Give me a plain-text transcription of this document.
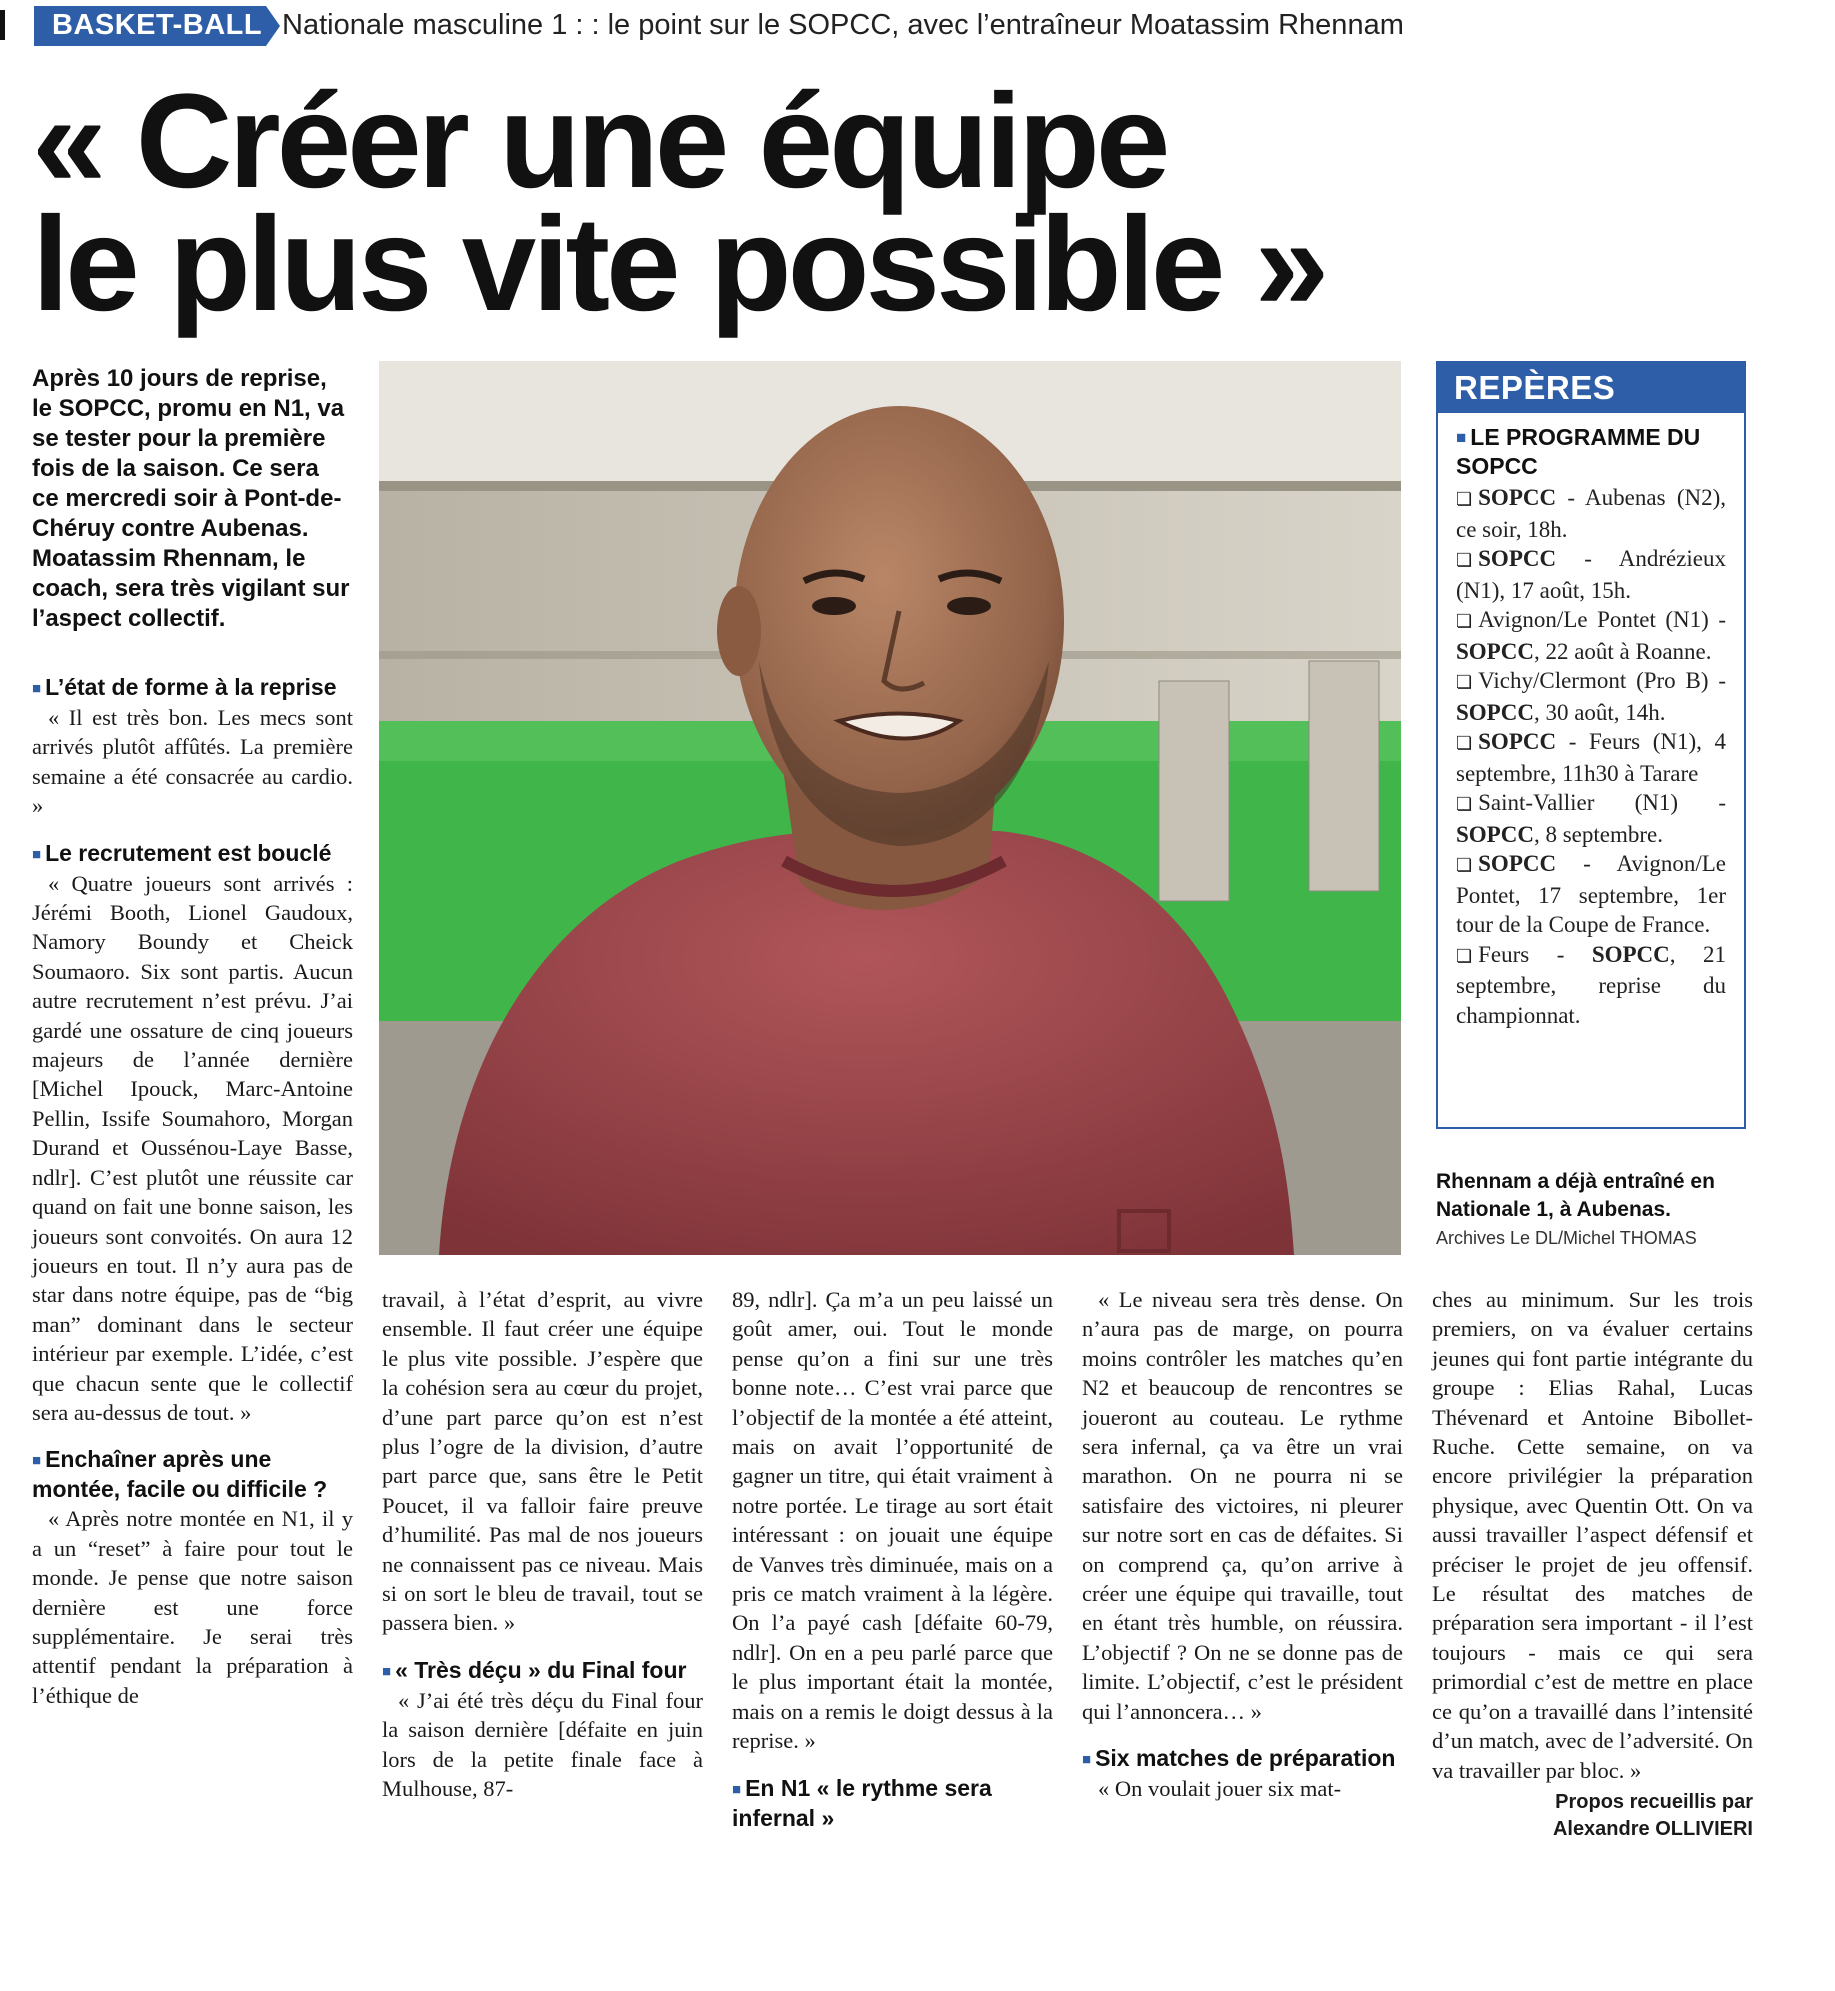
BASKET-BALL Nationale masculine 1 : : le point sur le SOPCC, avec l’entraîneur Moatassim Rhennam
« Créer une équipe
le plus vite possible »
Après 10 jours de reprise, le SOPCC, promu en N1, va se tester pour la première fois de la saison. Ce sera ce mercredi soir à Pont-de-Chéruy contre Aubenas. Moatassim Rhennam, le coach, sera très vigilant sur l’aspect collectif.
REPÈRES
■ LE PROGRAMME DU SOPCC
❏ SOPCC - Aubenas (N2), ce soir, 18h.
❏ SOPCC - Andrézieux (N1), 17 août, 15h.
❏ Avignon/Le Pontet (N1) - SOPCC, 22 août à Roanne.
❏ Vichy/Clermont (Pro B) - SOPCC, 30 août, 14h.
❏ SOPCC - Feurs (N1), 4 septembre, 11h30 à Tarare
❏ Saint-Vallier (N1) - SOPCC, 8 septembre.
❏ SOPCC - Avignon/Le Pontet, 17 septembre, 1er tour de la Coupe de France.
❏ Feurs - SOPCC, 21 septembre, reprise du championnat.
Rhennam a déjà entraîné en Nationale 1, à Aubenas.
Archives Le DL/Michel THOMAS
■ L’état de forme à la reprise

« Il est très bon. Les mecs sont arrivés plutôt affûtés. La première semaine a été consacrée au cardio. »

■ Le recrutement est bouclé

« Quatre joueurs sont arrivés : Jérémi Booth, Lionel Gaudoux, Namory Boundy et Cheick Soumaoro. Six sont partis. Aucun autre recrutement n’est prévu. J’ai gardé une ossature de cinq joueurs majeurs de l’année dernière [Michel Ipouck, Marc-Antoine Pellin, Issife Soumahoro, Morgan Durand et Oussénou-Laye Basse, ndlr]. C’est plutôt une réussite car quand on fait une bonne saison, les joueurs sont convoités. On aura 12 joueurs en tout. Il n’y aura pas de star dans notre équipe, pas de “big man” dominant dans le secteur intérieur par exemple. L’idée, c’est que chacun sente que le collectif sera au-dessus de tout. »

■ Enchaîner après une montée, facile ou difficile ?

« Après notre montée en N1, il y a un “reset” à faire pour tout le monde. Je pense que notre saison dernière est une force supplémentaire. Je serai très attentif pendant la préparation à l’éthique de

travail, à l’état d’esprit, au vivre ensemble. Il faut créer une équipe le plus vite possible. J’espère que la cohésion sera au cœur du projet, d’une part parce qu’on est n’est plus l’ogre de la division, d’autre part parce que, sans être le Petit Poucet, il va falloir faire preuve d’humilité. Pas mal de nos joueurs ne connaissent pas ce niveau. Mais si on sort le bleu de travail, tout se passera bien. »

■ « Très déçu » du Final four

« J’ai été très déçu du Final four la saison dernière [défaite en juin lors de la petite finale face à Mulhouse, 87-

89, ndlr]. Ça m’a un peu laissé un goût amer, oui. Tout le monde pense qu’on a fini sur une très bonne note… C’est vrai parce que l’objectif de la montée a été atteint, mais on avait l’opportunité de gagner un titre, qui était vraiment à notre portée. Le tirage au sort était intéressant : on jouait une équipe de Vanves très diminuée, mais on a pris ce match vraiment à la légère. On l’a payé cash [défaite 60-79, ndlr]. On en a peu parlé parce que le plus important était la montée, mais on a remis le doigt dessus à la reprise. »

■ En N1 « le rythme sera infernal »

« Le niveau sera très dense. On n’aura pas de marge, on pourra moins contrôler les matches qu’en N2 et beaucoup de rencontres se joueront au couteau. Le rythme sera infernal, ça va être un vrai marathon. On ne pourra ni se satisfaire des victoires, ni pleurer sur notre sort en cas de défaites. Si on comprend ça, qu’on arrive à créer une équipe qui travaille, tout en étant très humble, on réussira. L’objectif ? On ne se donne pas de limite. L’objectif, c’est le président qui l’annoncera… »

■ Six matches de préparation

« On voulait jouer six mat-

ches au minimum. Sur les trois premiers, on va évaluer certains jeunes qui font partie intégrante du groupe : Elias Rahal, Lucas Thévenard et Antoine Bibollet-Ruche. Cette semaine, on va encore privilégier la préparation physique, avec Quentin Ott. On va aussi travailler l’aspect défensif et préciser le projet de jeu offensif. Le résultat des matches de préparation sera important - il l’est toujours - mais ce qui sera primordial c’est de mettre en place ce qu’on a travaillé dans l’intensité d’un match, avec de l’adversité. On va travailler par bloc. »

Propos recueillis par

Alexandre OLLIVIERI
